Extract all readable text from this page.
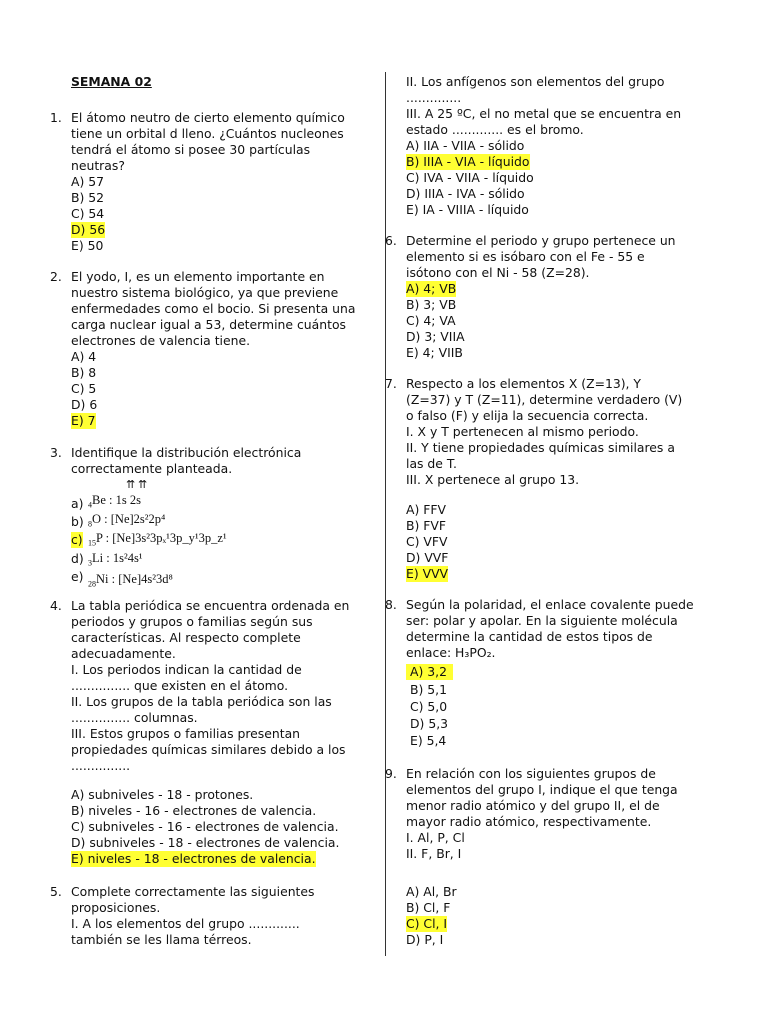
SEMANA 02
1. El átomo neutro de cierto elemento químico
tiene un orbital d lleno. ¿Cuántos nucleones
tendrá el átomo si posee 30 partículas
neutras?
A) 57
B) 52
C) 54
D) 56
E) 50
2. El yodo, I, es un elemento importante en
nuestro sistema biológico, ya que previene
enfermedades como el bocio. Si presenta una
carga nuclear igual a 53, determine cuántos
electrones de valencia tiene.
A) 4
B) 8
C) 5
D) 6
E) 7
3. Identifique la distribución electrónica
correctamente planteada.
⇈ ⇈
a) $_4$Be : 1s 2s
b) $_8$O : [Ne]2s²2p⁴
c) $_{15}$P : [Ne]3s²3pₓ¹3p_y¹3p_z¹
d) $_3$Li : 1s²4s¹
e) $_{28}$Ni : [Ne]4s²3d⁸
4. La tabla periódica se encuentra ordenada en
periodos y grupos o familias según sus
características. Al respecto complete
adecuadamente.
I. Los periodos indican la cantidad de
............... que existen en el átomo.
II. Los grupos de la tabla periódica son las
............... columnas.
III. Estos grupos o familias presentan
propiedades químicas similares debido a los
...............
A) subniveles - 18 - protones.
B) niveles - 16 - electrones de valencia.
C) subniveles - 16 - electrones de valencia.
D) subniveles - 18 - electrones de valencia.
E) niveles - 18 - electrones de valencia.
5. Complete correctamente las siguientes
proposiciones.
I. A los elementos del grupo .............
también se les llama térreos.
II. Los anfígenos son elementos del grupo
..............
III. A 25 ºC, el no metal que se encuentra en
estado ............. es el bromo.
A) IIA - VIIA - sólido
B) IIIA - VIA - líquido
C) IVA - VIIA - líquido
D) IIIA - IVA - sólido
E) IA - VIIIA - líquido
6. Determine el periodo y grupo pertenece un
elemento si es isóbaro con el Fe - 55 e
isótono con el Ni - 58 (Z=28).
A) 4; VB
B) 3; VB
C) 4; VA
D) 3; VIIA
E) 4; VIIB
7. Respecto a los elementos X (Z=13), Y
(Z=37) y T (Z=11), determine verdadero (V)
o falso (F) y elija la secuencia correcta.
I. X y T pertenecen al mismo periodo.
II. Y tiene propiedades químicas similares a
las de T.
III. X pertenece al grupo 13.
A) FFV
B) FVF
C) VFV
D) VVF
E) VVV
8. Según la polaridad, el enlace covalente puede
ser: polar y apolar. En la siguiente molécula
determine la cantidad de estos tipos de
enlace: H₃PO₂.
A) 3,2
B) 5,1
C) 5,0
D) 5,3
E) 5,4
9. En relación con los siguientes grupos de
elementos del grupo I, indique el que tenga
menor radio atómico y del grupo II, el de
mayor radio atómico, respectivamente.
I. Al, P, Cl
II. F, Br, I
A) Al, Br
B) Cl, F
C) Cl, I
D) P, I
